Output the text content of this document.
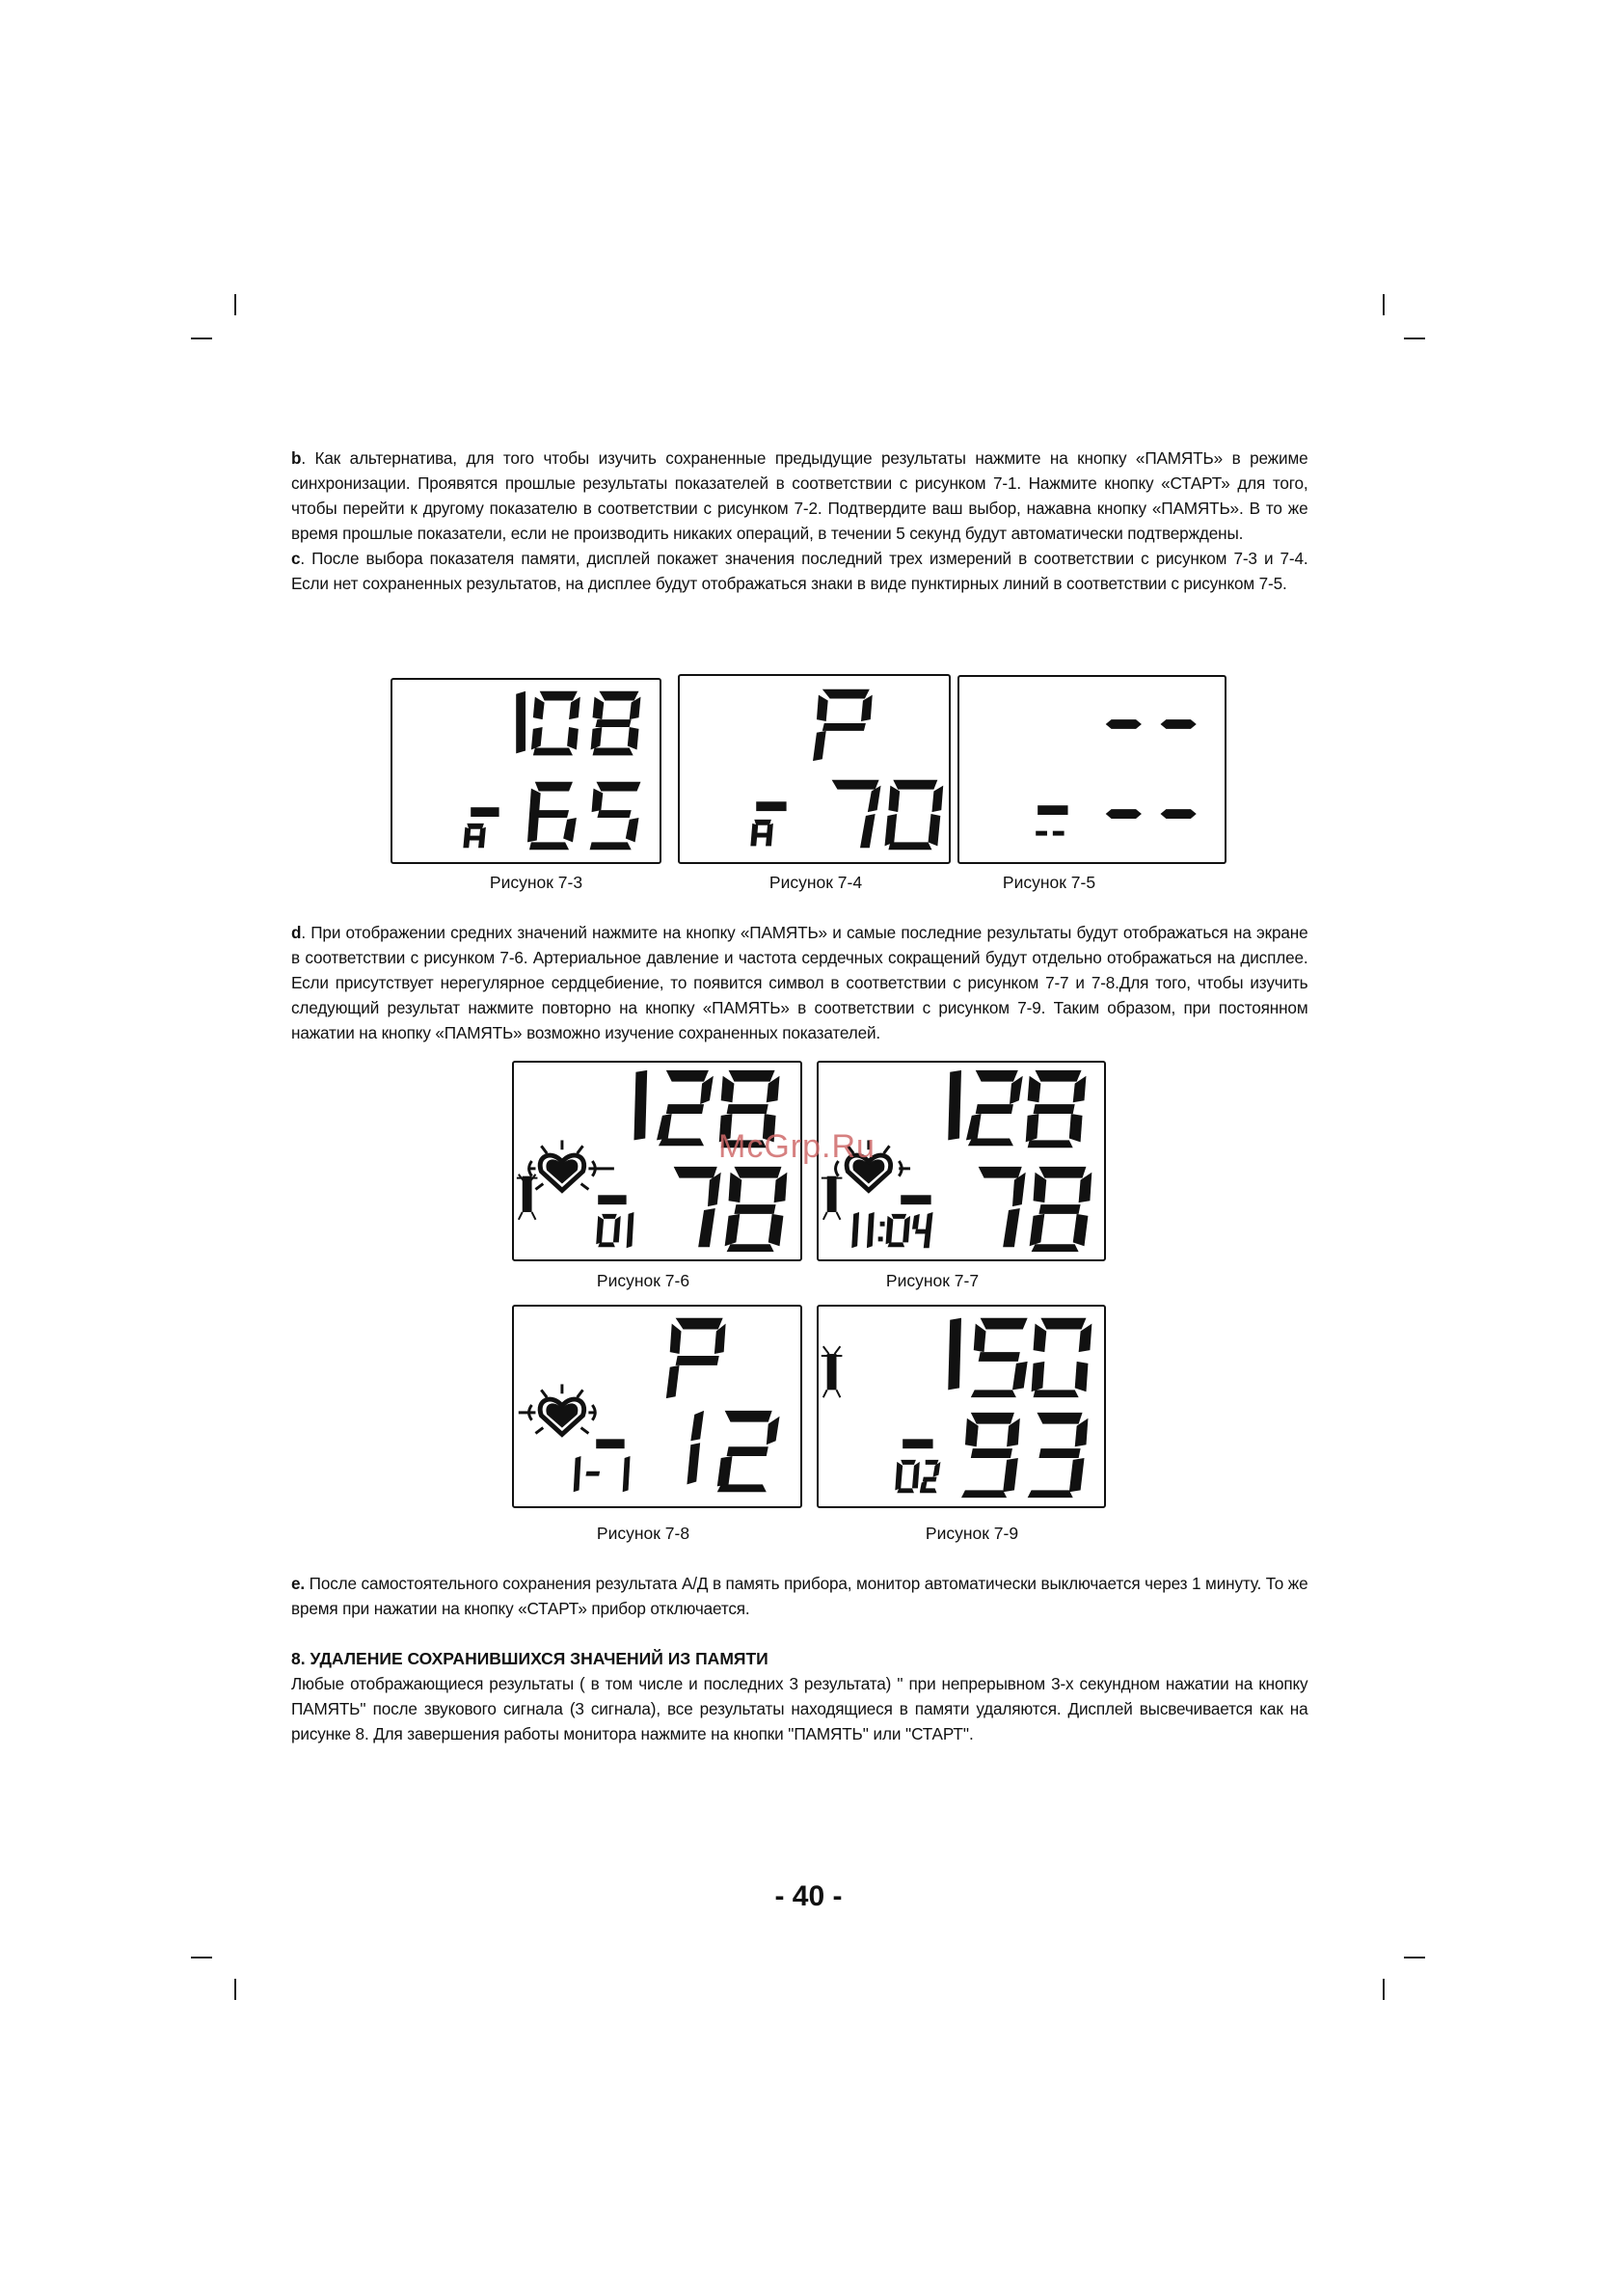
b. Как альтернатива, для того чтобы изучить сохраненные предыдущие результаты нажмите на кнопку «ПАМЯТЬ» в режиме синхронизации. Проявятся прошлые результаты показателей в соответствии с рисунком 7-1. Нажмите кнопку «СТАРТ» для того, чтобы перейти к другому показателю в соответствии с рисунком 7-2. Подтвердите ваш выбор, нажавна кнопку «ПАМЯТЬ». В то же время прошлые показатели, если не производить никаких операций, в течении 5 секунд будут автоматически подтверждены.

c. После выбора показателя памяти, дисплей покажет значения последний трех измерений в соответствии с рисунком 7-3 и 7-4. Если нет сохраненных результатов, на дисплее будут отображаться знаки в виде пунктирных линий в соответствии с рисунком 7-5.

Рисунок 7-3	Рисунок 7-4	Рисунок 7-5

d. При отображении средних значений нажмите на кнопку «ПАМЯТЬ» и самые последние результаты будут отображаться на экране в соответствии с рисунком 7-6. Артериальное давление и частота сердечных сокращений будут отдельно отображаться на дисплее. Если присутствует нерегулярное сердцебиение, то появится символ в соответствии с рисунком 7-7 и 7-8.Для того, чтобы изучить следующий результат нажмите повторно на кнопку «ПАМЯТЬ» в соответствии с рисунком 7-9. Таким образом, при постоянном нажатии на кнопку «ПАМЯТЬ» возможно изучение сохраненных показателей.

Рисунок 7-6	Рисунок 7-7
Рисунок 7-8	Рисунок 7-9
McGrp.Ru

e. После самостоятельного сохранения результата А/Д в память прибора, монитор автоматически выключается через 1 минуту. То же время при нажатии на кнопку «СТАРТ» прибор отключается.

8. УДАЛЕНИЕ СОХРАНИВШИХСЯ ЗНАЧЕНИЙ ИЗ ПАМЯТИ

Любые отображающиеся результаты ( в том числе и последних 3 результата) '' при непрерывном 3-х секундном нажатии на кнопку ПАМЯТЬ'' после звукового сигнала (3 сигнала), все результаты находящиеся в памяти удаляются. Дисплей высвечивается как на рисунке 8. Для завершения работы монитора нажмите на кнопки ''ПАМЯТЬ'' или ''СТАРТ''.

- 40 -
